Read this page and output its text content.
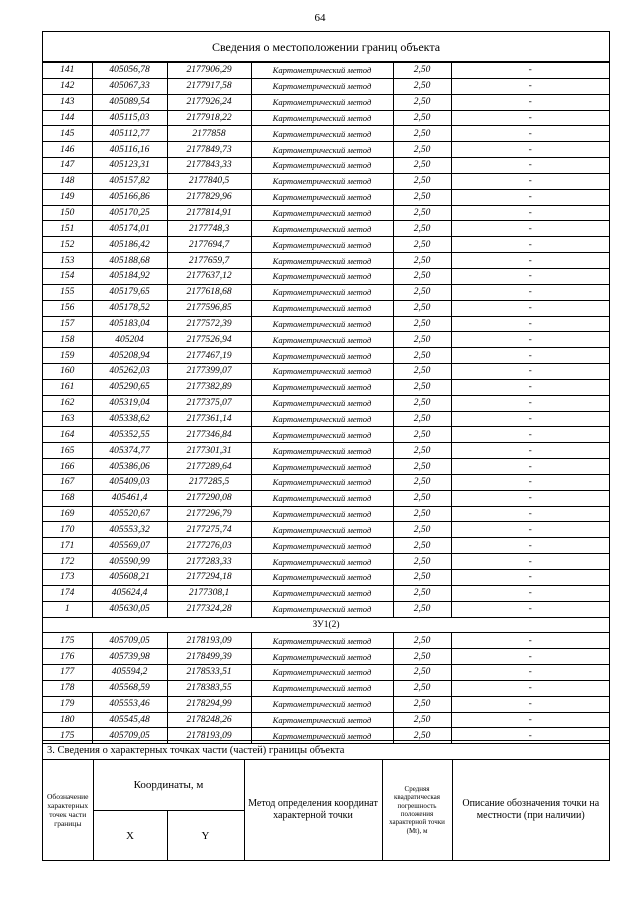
64
Сведения о местоположении границ объекта
141	405056,78	2177906,29	Картометрический метод	2,50	-
142	405067,33	2177917,58	Картометрический метод	2,50	-
143	405089,54	2177926,24	Картометрический метод	2,50	-
144	405115,03	2177918,22	Картометрический метод	2,50	-
145	405112,77	2177858	Картометрический метод	2,50	-
146	405116,16	2177849,73	Картометрический метод	2,50	-
147	405123,31	2177843,33	Картометрический метод	2,50	-
148	405157,82	2177840,5	Картометрический метод	2,50	-
149	405166,86	2177829,96	Картометрический метод	2,50	-
150	405170,25	2177814,91	Картометрический метод	2,50	-
151	405174,01	2177748,3	Картометрический метод	2,50	-
152	405186,42	2177694,7	Картометрический метод	2,50	-
153	405188,68	2177659,7	Картометрический метод	2,50	-
154	405184,92	2177637,12	Картометрический метод	2,50	-
155	405179,65	2177618,68	Картометрический метод	2,50	-
156	405178,52	2177596,85	Картометрический метод	2,50	-
157	405183,04	2177572,39	Картометрический метод	2,50	-
158	405204	2177526,94	Картометрический метод	2,50	-
159	405208,94	2177467,19	Картометрический метод	2,50	-
160	405262,03	2177399,07	Картометрический метод	2,50	-
161	405290,65	2177382,89	Картометрический метод	2,50	-
162	405319,04	2177375,07	Картометрический метод	2,50	-
163	405338,62	2177361,14	Картометрический метод	2,50	-
164	405352,55	2177346,84	Картометрический метод	2,50	-
165	405374,77	2177301,31	Картометрический метод	2,50	-
166	405386,06	2177289,64	Картометрический метод	2,50	-
167	405409,03	2177285,5	Картометрический метод	2,50	-
168	405461,4	2177290,08	Картометрический метод	2,50	-
169	405520,67	2177296,79	Картометрический метод	2,50	-
170	405553,32	2177275,74	Картометрический метод	2,50	-
171	405569,07	2177276,03	Картометрический метод	2,50	-
172	405590,99	2177283,33	Картометрический метод	2,50	-
173	405608,21	2177294,18	Картометрический метод	2,50	-
174	405624,4	2177308,1	Картометрический метод	2,50	-
1	405630,05	2177324,28	Картометрический метод	2,50	-
ЗУ1(2)					
175	405709,05	2178193,09	Картометрический метод	2,50	-
176	405739,98	2178499,39	Картометрический метод	2,50	-
177	405594,2	2178533,51	Картометрический метод	2,50	-
178	405568,59	2178383,55	Картометрический метод	2,50	-
179	405553,46	2178294,99	Картометрический метод	2,50	-
180	405545,48	2178248,26	Картометрический метод	2,50	-
175	405709,05	2178193,09	Картометрический метод	2,50	-
3. Сведения о характерных точках части (частей) границы объекта
Обозначение характерных точек части границы	Координаты, м		Метод определения координат характерной точки	Средняя квадратическая погрешность положения характерной точки (Mt), м	Описание обозначения точки на местности (при наличии)
	X	Y			
